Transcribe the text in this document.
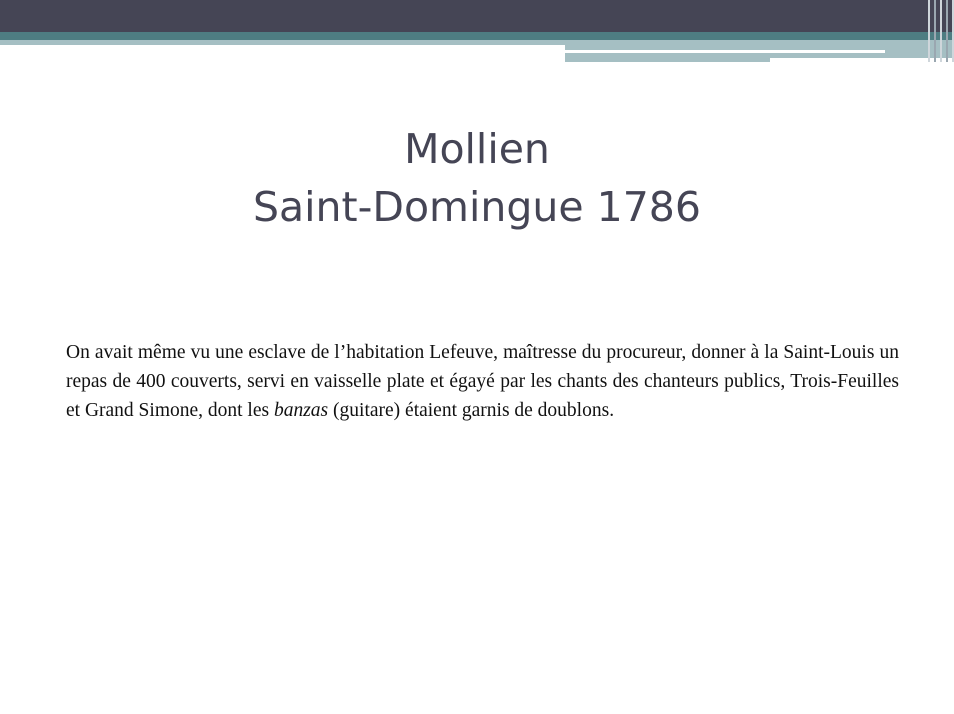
Mollien
Saint-Domingue 1786
On avait même vu une esclave de l’habitation Lefeuve, maîtresse du procureur, donner à la Saint-Louis un repas de 400 couverts, servi en vaisselle plate et égayé par les chants des chanteurs publics, Trois-Feuilles et Grand Simone, dont les banzas (guitare) étaient garnis de doublons.
